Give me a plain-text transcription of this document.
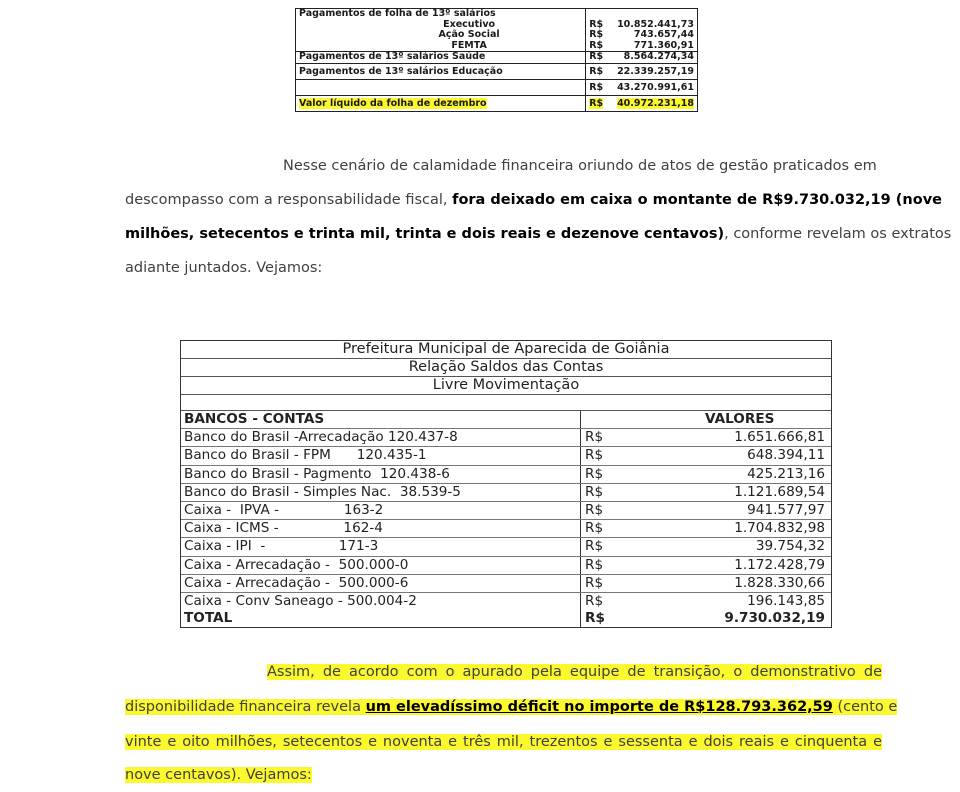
Pagamentos de folha de 13º salários		
Executivo	R$	10.852.441,73
Ação Social	R$	743.657,44
FEMTA	R$	771.360,91
Pagamentos de 13º salários Saúde	R$	8.564.274,34
Pagamentos de 13º salários Educação	R$	22.339.257,19
	R$	43.270.991,61
Valor líquido da folha de dezembro	R$	40.972.231,18
Nesse cenário de calamidade financeira oriundo de atos de gestão praticados em
descompasso com a responsabilidade fiscal, fora deixado em caixa o montante de R$9.730.032,19 (nove
milhões, setecentos e trinta mil, trinta e dois reais e dezenove centavos), conforme revelam os extratos
adiante juntados. Vejamos:
Prefeitura Municipal de Aparecida de Goiânia
Relação Saldos das Contas
Livre Movimentação
BANCOS - CONTAS	VALORES
Banco do Brasil -Arrecadação 120.437-8	R$	1.651.666,81
Banco do Brasil - FPM      120.435-1	R$	648.394,11
Banco do Brasil - Pagmento  120.438-6	R$	425.213,16
Banco do Brasil - Simples Nac.  38.539-5	R$	1.121.689,54
Caixa -  IPVA -               163-2	R$	941.577,97
Caixa - ICMS -               162-4	R$	1.704.832,98
Caixa - IPI  -                 171-3	R$	39.754,32
Caixa - Arrecadação -  500.000-0	R$	1.172.428,79
Caixa - Arrecadação -  500.000-6	R$	1.828.330,66
Caixa - Conv Saneago - 500.004-2	R$	196.143,85
TOTAL	R$	9.730.032,19
Assim, de acordo com o apurado pela equipe de transição, o demonstrativo de
disponibilidade financeira revela um elevadíssimo déficit no importe de R$128.793.362,59 (cento e
vinte e oito milhões, setecentos e noventa e três mil, trezentos e sessenta e dois reais e cinquenta e
nove centavos). Vejamos:
